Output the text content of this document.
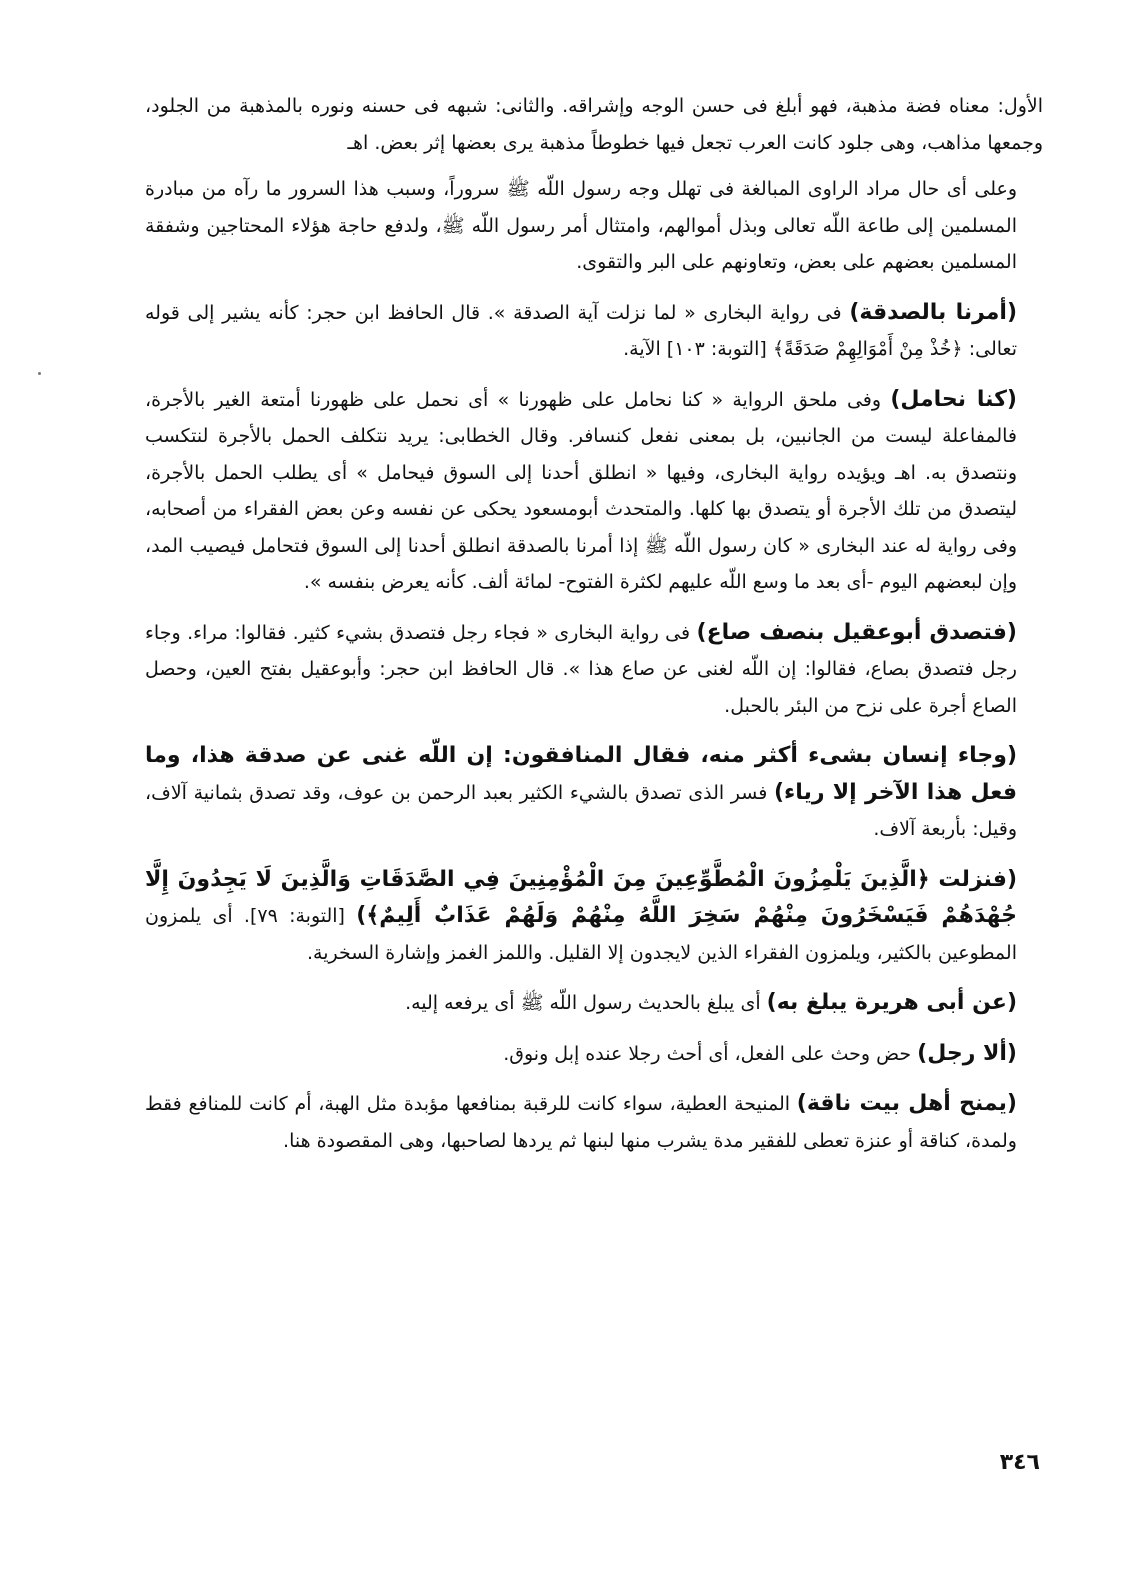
الأول: معناه فضة مذهبة، فهو أبلغ فى حسن الوجه وإشراقه. والثانى: شبهه فى حسنه ونوره بالمذهبة من الجلود، وجمعها مذاهب، وهى جلود كانت العرب تجعل فيها خطوطاً مذهبة يرى بعضها إثر بعض. اهـ

وعلى أى حال مراد الراوى المبالغة فى تهلل وجه رسول اللّه ﷺ سروراً، وسبب هذا السرور ما رآه من مبادرة المسلمين إلى طاعة اللّه تعالى وبذل أموالهم، وامتثال أمر رسول اللّه ﷺ، ولدفع حاجة هؤلاء المحتاجين وشفقة المسلمين بعضهم على بعض، وتعاونهم على البر والتقوى.

(أمرنا بالصدقة) فى رواية البخارى « لما نزلت آية الصدقة ». قال الحافظ ابن حجر: كأنه يشير إلى قوله تعالى: ﴿خُذْ مِنْ أَمْوَالِهِمْ صَدَقَةً﴾ [التوبة: ١٠٣] الآية.

(كنا نحامل) وفى ملحق الرواية « كنا نحامل على ظهورنا » أى نحمل على ظهورنا أمتعة الغير بالأجرة، فالمفاعلة ليست من الجانبين، بل بمعنى نفعل كنسافر. وقال الخطابى: يريد نتكلف الحمل بالأجرة لنتكسب ونتصدق به. اهـ ويؤيده رواية البخارى، وفيها « انطلق أحدنا إلى السوق فيحامل » أى يطلب الحمل بالأجرة، ليتصدق من تلك الأجرة أو يتصدق بها كلها. والمتحدث أبومسعود يحكى عن نفسه وعن بعض الفقراء من أصحابه، وفى رواية له عند البخارى « كان رسول اللّه ﷺ إذا أمرنا بالصدقة انطلق أحدنا إلى السوق فتحامل فيصيب المد، وإن لبعضهم اليوم -أى بعد ما وسع اللّه عليهم لكثرة الفتوح- لمائة ألف. كأنه يعرض بنفسه ».

(فتصدق أبوعقيل بنصف صاع) فى رواية البخارى « فجاء رجل فتصدق بشيء كثير. فقالوا: مراء. وجاء رجل فتصدق بصاع، فقالوا: إن اللّه لغنى عن صاع هذا ». قال الحافظ ابن حجر: وأبوعقيل بفتح العين، وحصل الصاع أجرة على نزح من البئر بالحبل.

(وجاء إنسان بشىء أكثر منه، فقال المنافقون: إن اللّه غنى عن صدقة هذا، وما فعل هذا الآخر إلا رياء) فسر الذى تصدق بالشيء الكثير بعبد الرحمن بن عوف، وقد تصدق بثمانية آلاف، وقيل: بأربعة آلاف.

(فنزلت ﴿الَّذِينَ يَلْمِزُونَ الْمُطَّوِّعِينَ مِنَ الْمُؤْمِنِينَ فِي الصَّدَقَاتِ وَالَّذِينَ لَا يَجِدُونَ إِلَّا جُهْدَهُمْ فَيَسْخَرُونَ مِنْهُمْ سَخِرَ اللَّهُ مِنْهُمْ وَلَهُمْ عَذَابٌ أَلِيمٌ﴾) [التوبة: ٧٩]. أى يلمزون المطوعين بالكثير، ويلمزون الفقراء الذين لايجدون إلا القليل. واللمز الغمز وإشارة السخرية.

(عن أبى هريرة يبلغ به) أى يبلغ بالحديث رسول اللّه ﷺ أى يرفعه إليه.

(ألا رجل) حض وحث على الفعل، أى أحث رجلا عنده إبل ونوق.

(يمنح أهل بيت ناقة) المنيحة العطية، سواء كانت للرقبة بمنافعها مؤبدة مثل الهبة، أم كانت للمنافع فقط ولمدة، كناقة أو عنزة تعطى للفقير مدة يشرب منها لبنها ثم يردها لصاحبها، وهى المقصودة هنا.

٣٤٦
